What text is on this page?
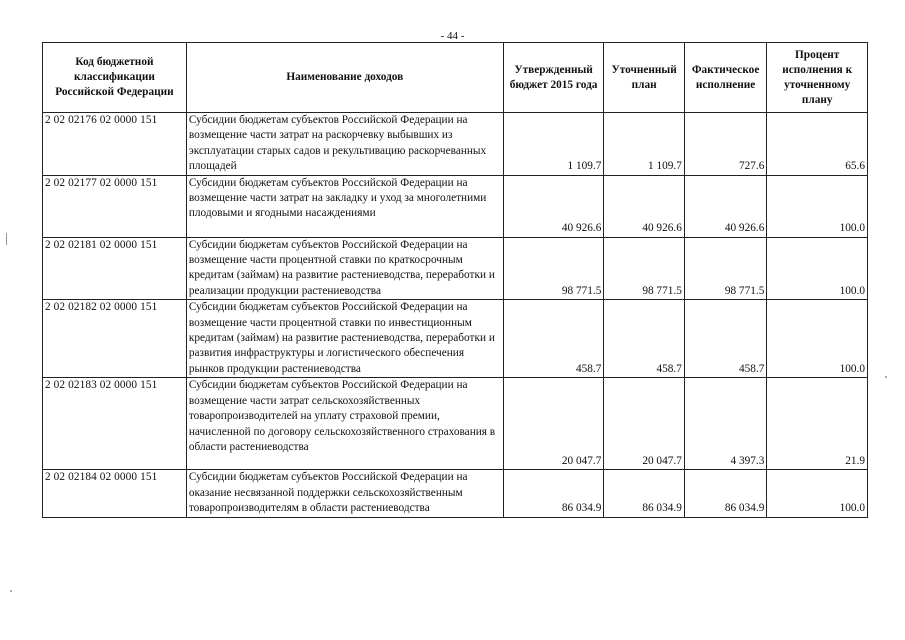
- 44 -
Код бюджетной классификации Российской Федерации	Наименование доходов	Утвержденный бюджет 2015 года	Уточненный план	Фактическое исполнение	Процент исполнения к уточненному плану
2 02 02176 02 0000 151	Субсидии бюджетам субъектов Российской Федерации на возмещение части затрат на раскорчевку выбывших из эксплуатации старых садов и рекультивацию раскорчеванных площадей	1 109.7	1 109.7	727.6	65.6
2 02 02177 02 0000 151	Субсидии бюджетам субъектов Российской Федерации на возмещение части затрат на закладку и уход за многолетними плодовыми и ягодными насаждениями	40 926.6	40 926.6	40 926.6	100.0
2 02 02181 02 0000 151	Субсидии бюджетам субъектов Российской Федерации на возмещение части процентной ставки по краткосрочным кредитам (займам) на развитие растениеводства, переработки и реализации продукции растениеводства	98 771.5	98 771.5	98 771.5	100.0
2 02 02182 02 0000 151	Субсидии бюджетам субъектов Российской Федерации на возмещение части процентной ставки по инвестиционным кредитам (займам) на развитие растениеводства, переработки и развития инфраструктуры и логистического обеспечения рынков продукции растениеводства	458.7	458.7	458.7	100.0
2 02 02183 02 0000 151	Субсидии бюджетам субъектов Российской Федерации на возмещение части затрат сельскохозяйственных товаропроизводителей на уплату страховой премии, начисленной по договору сельскохозяйственного страхования в области растениеводства	20 047.7	20 047.7	4 397.3	21.9
2 02 02184 02 0000 151	Субсидии бюджетам субъектов Российской Федерации на оказание несвязанной поддержки сельскохозяйственным товаропроизводителям в области растениеводства	86 034.9	86 034.9	86 034.9	100.0
